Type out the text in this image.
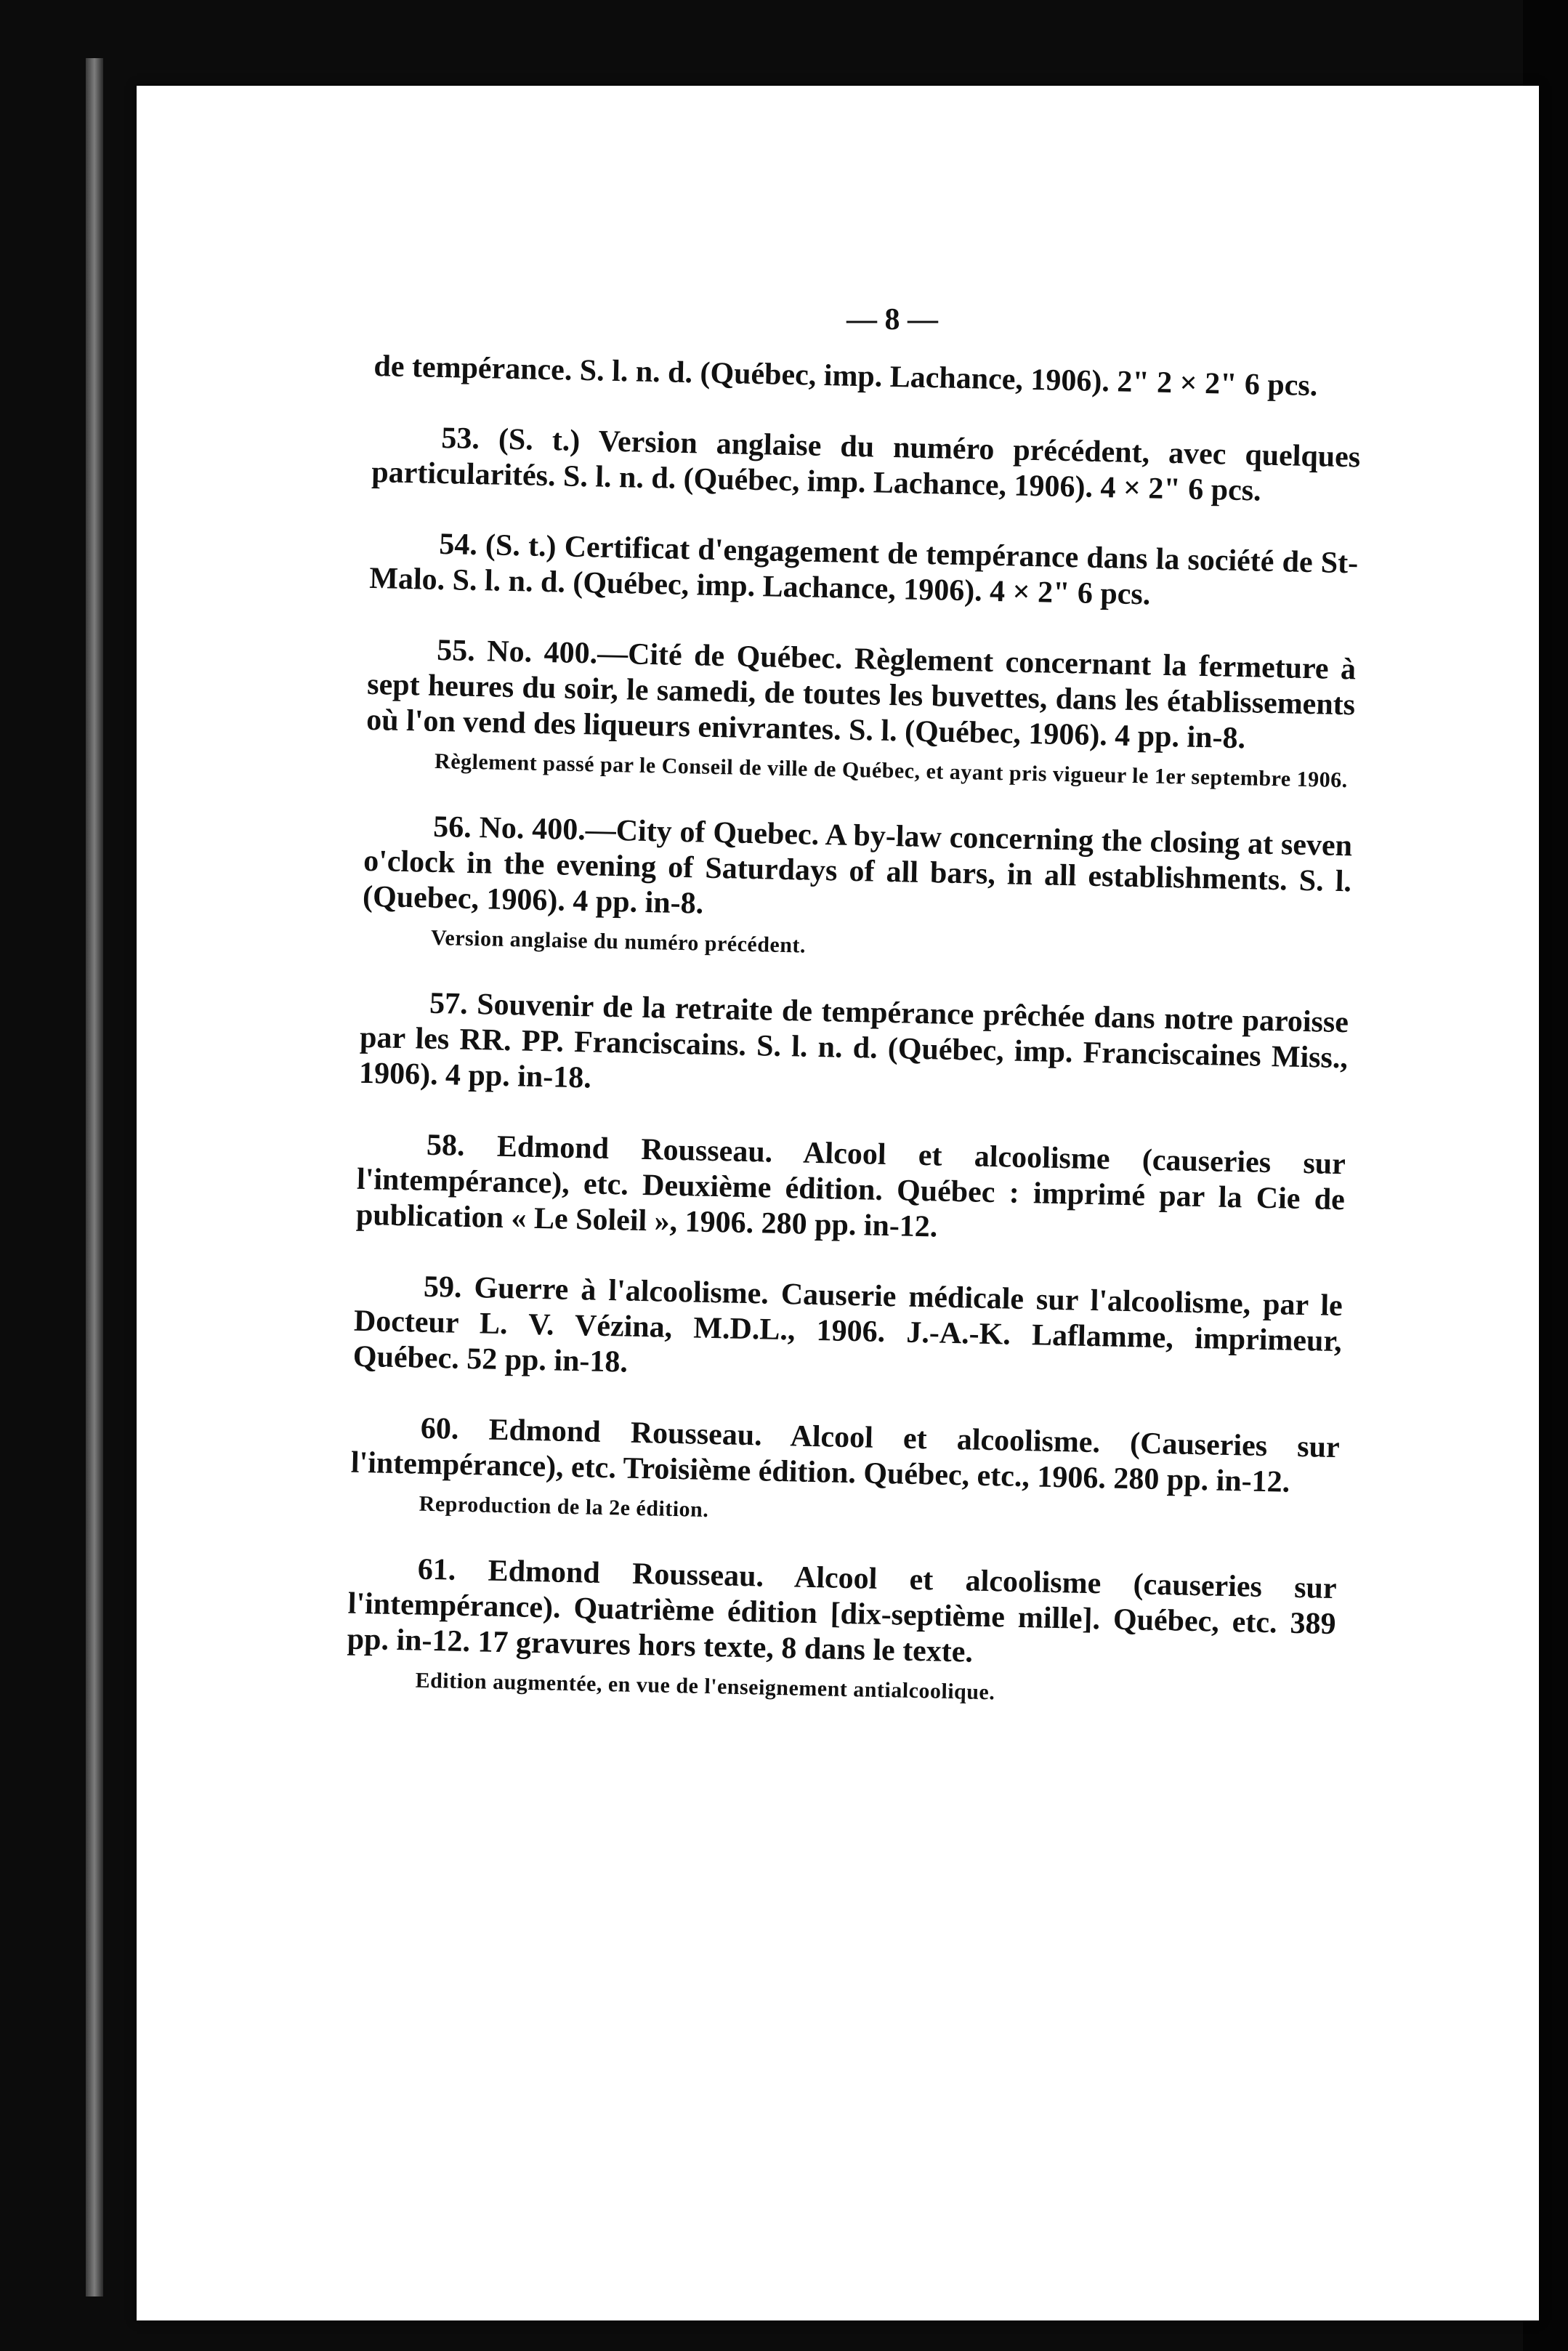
— 8 —
de tempérance. S. l. n. d. (Québec, imp. Lachance, 1906). 2" 2 × 2" 6 pcs.
53. (S. t.) Version anglaise du numéro précédent, avec quelques particularités. S. l. n. d. (Québec, imp. Lachance, 1906). 4 × 2" 6 pcs.
54. (S. t.) Certificat d'engagement de tempérance dans la société de St-Malo. S. l. n. d. (Québec, imp. Lachance, 1906). 4 × 2" 6 pcs.
55. No. 400.—Cité de Québec. Règlement concernant la fermeture à sept heures du soir, le samedi, de toutes les buvettes, dans les établissements où l'on vend des liqueurs enivrantes. S. l. (Québec, 1906). 4 pp. in-8.
Règlement passé par le Conseil de ville de Québec, et ayant pris vigueur le 1er septembre 1906.
56. No. 400.—City of Quebec. A by-law concerning the closing at seven o'clock in the evening of Saturdays of all bars, in all establishments. S. l. (Quebec, 1906). 4 pp. in-8.
Version anglaise du numéro précédent.
57. Souvenir de la retraite de tempérance prêchée dans notre paroisse par les RR. PP. Franciscains. S. l. n. d. (Québec, imp. Franciscaines Miss., 1906). 4 pp. in-18.
58. Edmond Rousseau. Alcool et alcoolisme (causeries sur l'intempérance), etc. Deuxième édition. Québec : imprimé par la Cie de publication « Le Soleil », 1906. 280 pp. in-12.
59. Guerre à l'alcoolisme. Causerie médicale sur l'alcoolisme, par le Docteur L. V. Vézina, M.D.L., 1906. J.-A.-K. Laflamme, imprimeur, Québec. 52 pp. in-18.
60. Edmond Rousseau. Alcool et alcoolisme. (Causeries sur l'intempérance), etc. Troisième édition. Québec, etc., 1906. 280 pp. in-12.
Reproduction de la 2e édition.
61. Edmond Rousseau. Alcool et alcoolisme (causeries sur l'intempérance). Quatrième édition [dix-septième mille]. Québec, etc. 389 pp. in-12. 17 gravures hors texte, 8 dans le texte.
Edition augmentée, en vue de l'enseignement antialcoolique.
